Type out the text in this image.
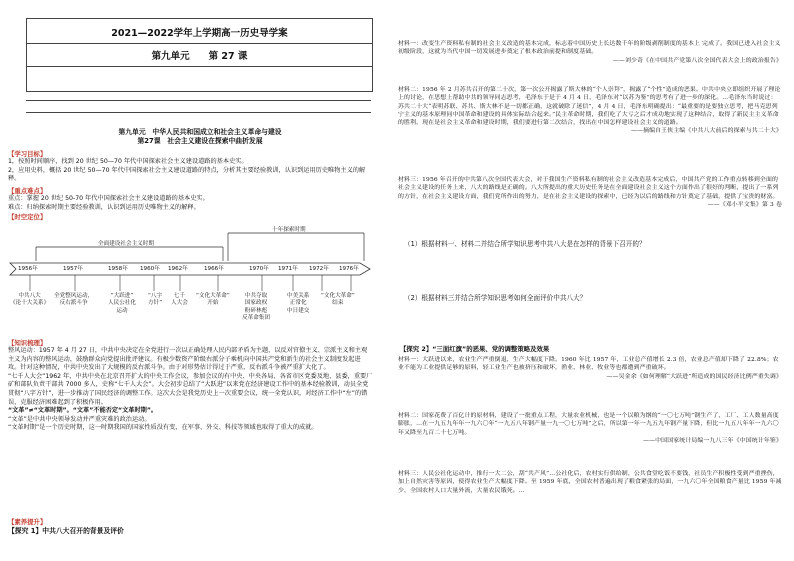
2021—2022学年上学期高一历史导学案
第九单元　　第 27 课
第九单元　中华人民共和国成立和社会主义革命与建设
第27课　社会主义建设在探索中曲折发展
【学习目标】

1，按照时间顺序，找到 20 世纪 50—70 年代中国探索社会主义建设道路的基本史实。

2，应用史料，概括 20 世纪 50—70 年代中国探索社会主义建设道路的特点，分析其主要经验教训，认识到运用历史唯物主义的解释。

【重点难点】

重点：掌握 20 世纪 50-70 年代中国探索社会主义建设道路的基本史实。

难点：归纳探索时期主要经验教训，认识到运用历史唯物主义的解释。

【时空定位】
全面建设社会主义时期
十年探索时期
1956年	1957年	1958年 1960年 1962年	1966年	1970年 1971年 1972年 1976年
中共八大
《论十大关系》
全党整风运动，
反右派斗争
“大跃进”
人民公社化
运动
“八字
方针”
七千
人大会
“文化大革命”
开始
中共夺取
国家政权
粉碎林彪
反革命集团
中美关系
正常化
中日建交
“文化大革命”
结束
【知识梳理】

整风运动：1957 年 4 月 27 日，中共中央决定在全党进行一次以正确处理人民内部矛盾为主题，以反对官僚主义、宗派主义和主观主义为内容的整风运动，鼓励群众向党提出批评建议。有极少数资产阶级右派分子乘机向中国共产党和新生的社会主义制度发起进攻。针对这种情况，中共中央发出了大规模的反右派斗争。由于对形势估计得过于严重，反右派斗争被严重扩大化了。

“七千人大会”1962 年，中共中央在北京召开扩大的中央工作会议，参加会议的有中央、中央各局、各省市区党委及地、县委，重要厂矿和部队负责干部共 7000 多人，史称“七千人大会”。大会初步总结了“大跃进”以来党在经济建设工作中的基本经验教训，动员全党贯彻“八字方针”，进一步推动了国民经济的调整工作。这次大会是我党历史上一次重要会议，统一全党认识，对经济工作中“左”的错误，克服经济困难起到了积极作用。

“文革”≠“文革时期”。“文革”不能否定“文革时期”。

“文革”是中共中央领导发动并严重灾难的政治运动。

“文革时期”是一个历史时期，这一时期我国的国家性质没有变，在军事、外交、科技等领域也取得了重大的成就。

【素养提升】
【探究 1】中共八大召开的背景及评价

材料一：改变生产资料私有制的社会主义改造的基本完成，标志着中国历史上长达数千年的阶级剥削制度的基本上 完成了。我国已进入社会主义初级阶段，这就为当代中国一切发展进步奠定了根本政治前提和制度基础。

——刘少奇《在中国共产党第八次全国代表大会上的政治报告》

材料二：1956 年 2 月苏共召开的第二十次，第一次公开揭露了斯大林的“个人崇拜”，揭露了“个性”造成的恶果。中共中央立即组织开展了理论上的讨论，在思想上帮助中共的领导同志思考，毛泽东于是于 4 月 4 日，毛泽东对“以苏为鉴”的思考有了进一步的深化。…毛泽东当时说过：苏共二十大“表明苏联、苏共、斯大林不是一切都正确，这就破除了迷信”，4 月 4 日，毛泽东明确提出：“最重要的是要独立思考，把马克思列宁主义的基本原理同中国革命和建设的具体实际结合起来。”民主革命时期，我们吃了大亏之后才成功地实现了这种结合，取得了新民主主义革命的胜利，现在是社会主义革命和建设时期，我们要进行第二次结合，找出在中国怎样建设社会主义的道路。

——摘编自王侠主编《中共八大前后的探索与共二十大》

材料三：1956 年召开的中共第八次全国代表大会，对于我国生产资料私有制的社会主义改造基本完成后，中国共产党的工作重点转移到全面的社会主义建设的任务上来，八大的路线是正确的。八大所提出的重大历史任务是在全面建设社会主义这个方面作出了很好的判断，提出了一系列的方针，在社会主义建设方面，我们党所作出的努力，是在社会主义建设的探索中，已经为以后的路线和方针奠定了基础，提供了宝贵的财富。

——《邓小平文集》第 3 卷

（1）根据材料一、材料二并结合所学知识思考中共八大是在怎样的背景下召开的？
（2）根据材料三并结合所学知识思考如何全面评价中共八大？
【探究 2】“三面红旗”的恶果、党的调整策略及效果

材料一：大跃进以来，农业生产严重倒退，生产大幅度下降。1960 年比 1957 年，工业总产值增长 2.3 倍，农业总产值却下降了 22.8%；农业不能为工业提供足够的原料，轻工业生产也被挤压和破坏，渔业、林业、牧业等也都遭到严重破坏。

——吴金余《如何理解“大跃进”所造成的国民经济比例严重失调》

材料二：国家花费了百亿计的原材料，建设了一批重点工程，大量农业机械，也是一个以粮为纲的“一〇七万吨”钢生产了，工厂、工人数量高度膨胀，…在一九五九年年一九六〇年“一九五八年钢产量一九一〇七万吨”之后，所以第一年一九五九年钢产量下降，但比一九五八年年一九六〇年又降至九百二十七万吨。

——中国国家统计局编一九八三年《中国统计年鉴》

材料三：人民公社化运动中，推行一大二公，刮“共产风”…公社化后，农村实行供给制，公共食堂吃饭不要钱，社员生产积极性受到严重挫伤，加上自然灾害等原因，使得农业生产大幅度下降。至 1959 年底，全国农村普遍出现了粮食紧张的局面，一九六〇年全国粮食产量比 1959 年减少，全国农村人口大量外流，大量农民饿死。…
